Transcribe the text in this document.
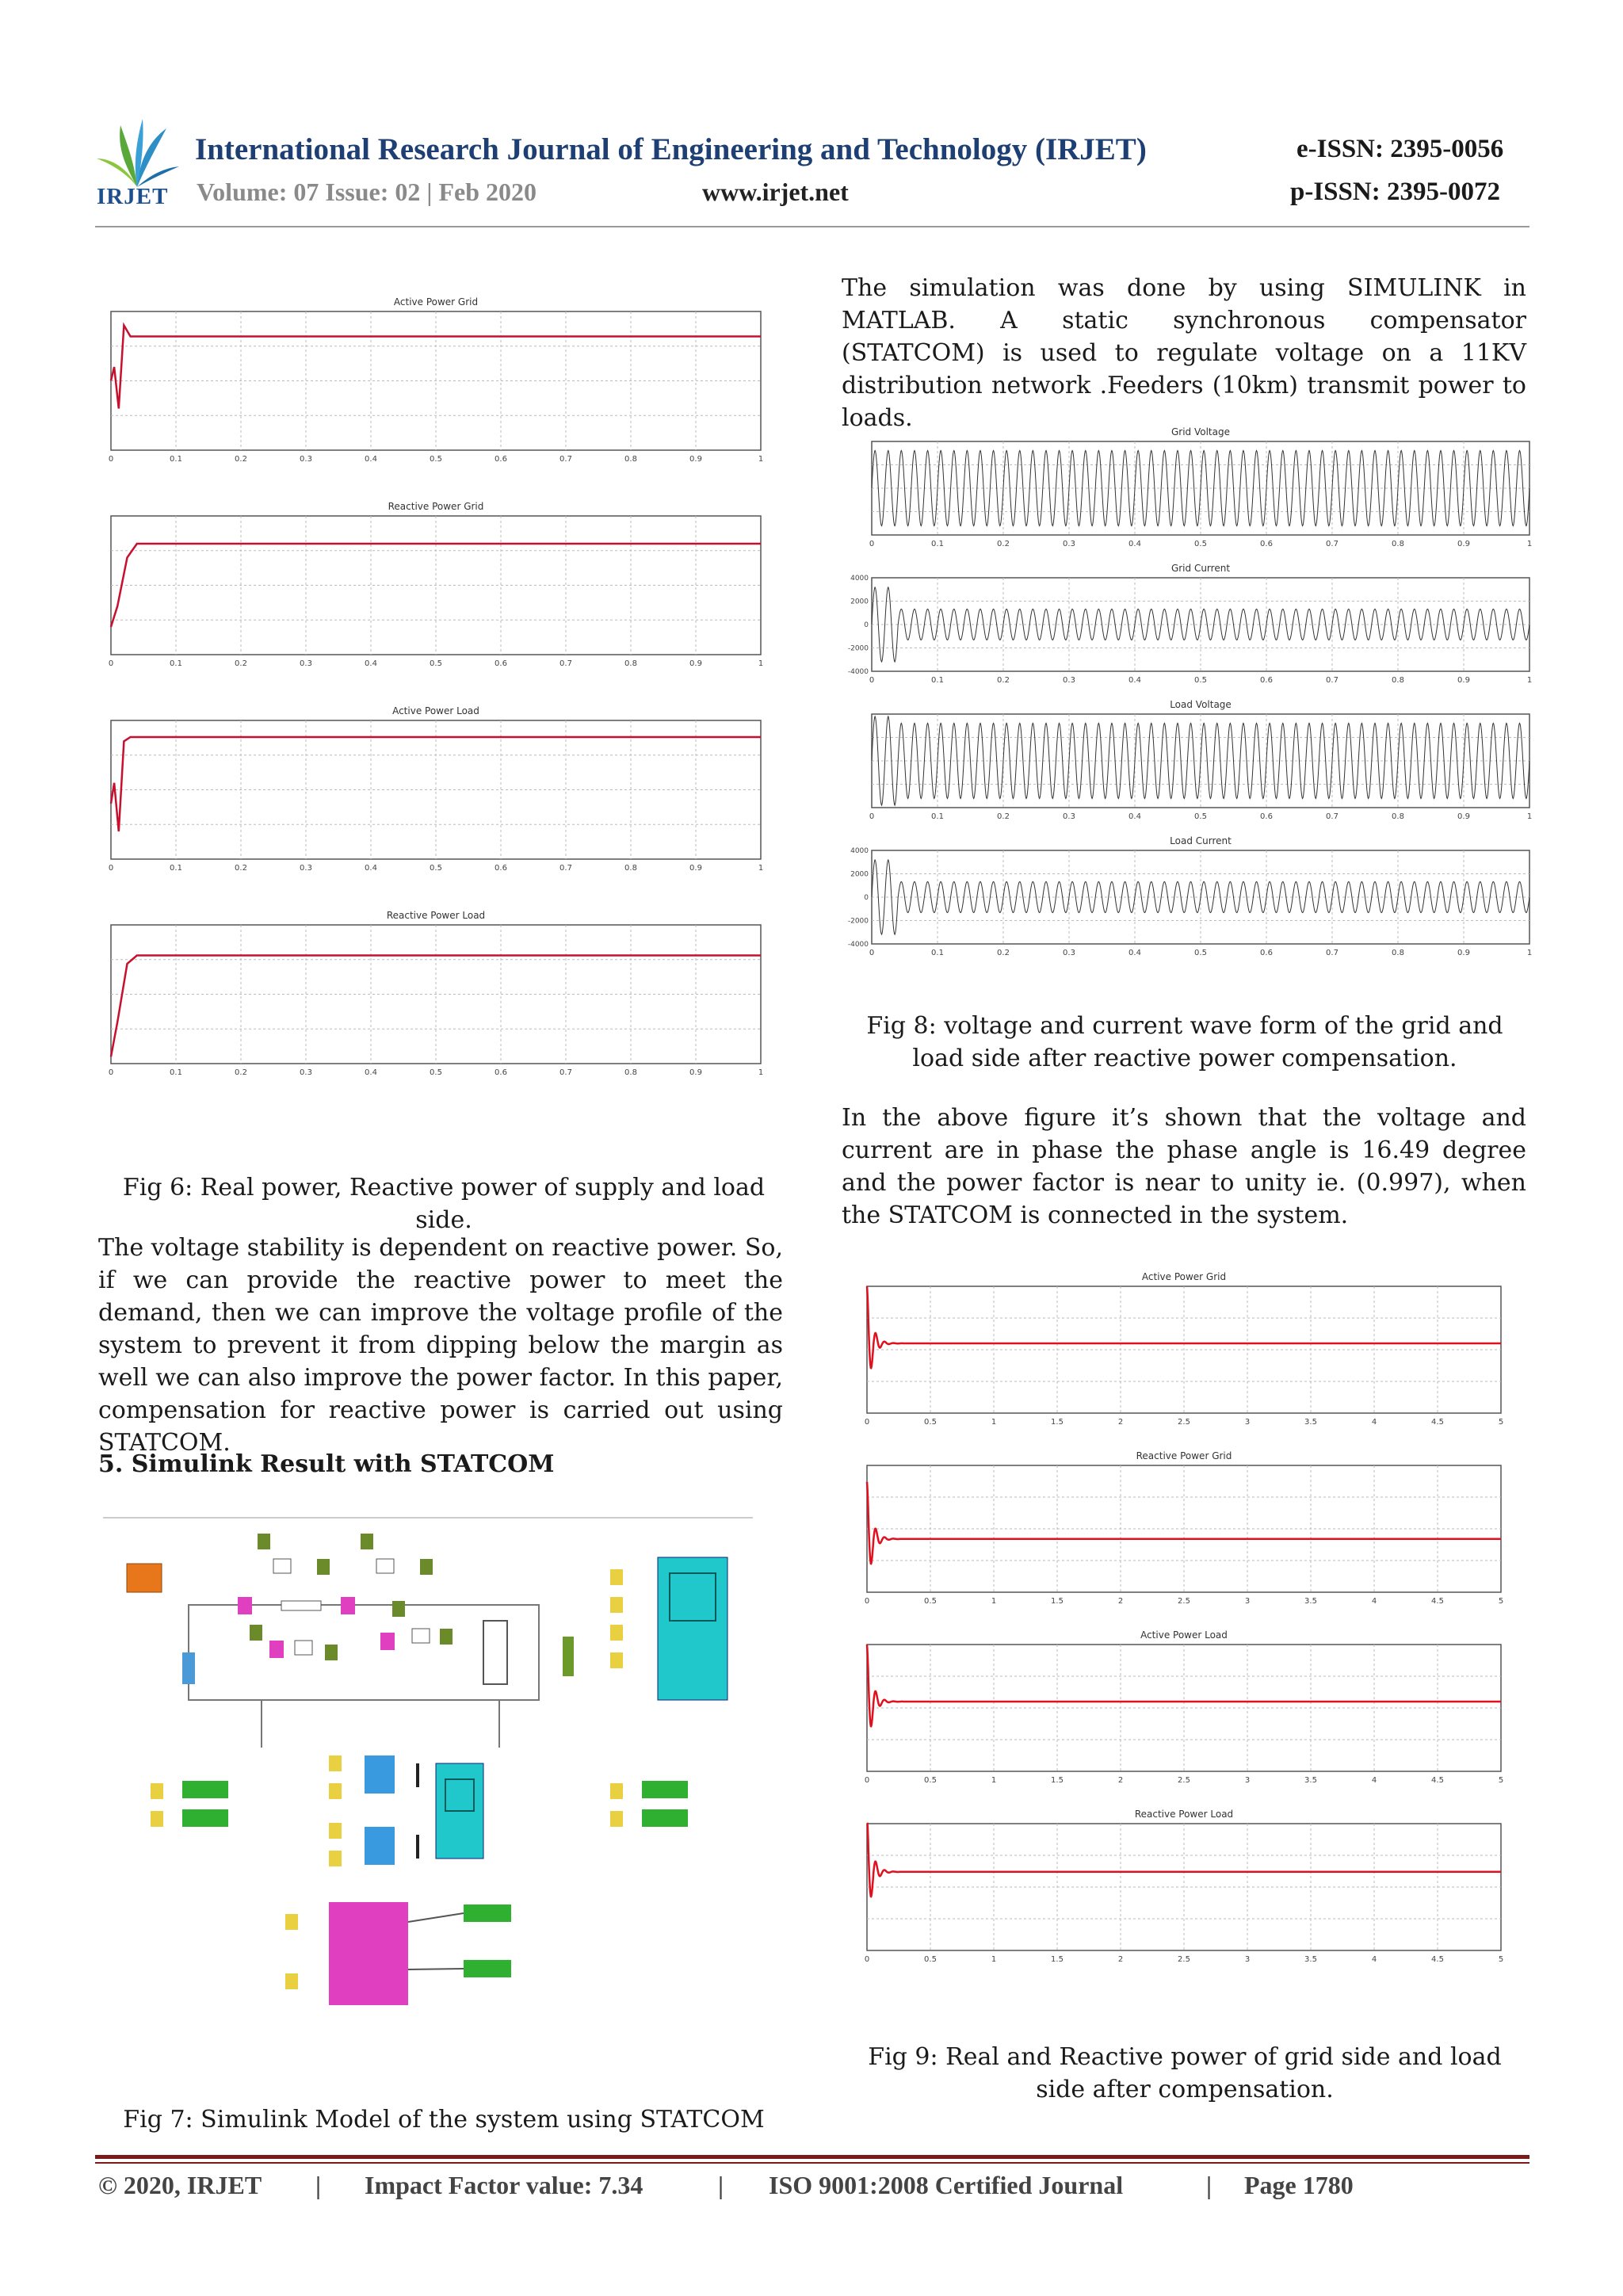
IRJET
International Research Journal of Engineering and Technology (IRJET)	e-ISSN: 2395-0056
Volume: 07 Issue: 02 | Feb 2020	www.irjet.net	p-ISSN: 2395-0072
Active Power Grid
0	0.1	0.2	0.3	0.4	0.5	0.6	0.7	0.8	0.9	1
Reactive Power Grid
0	0.1	0.2	0.3	0.4	0.5	0.6	0.7	0.8	0.9	1
Active Power Load
0	0.1	0.2	0.3	0.4	0.5	0.6	0.7	0.8	0.9	1
Reactive Power Load
0	0.1	0.2	0.3	0.4	0.5	0.6	0.7	0.8	0.9	1
Fig 6: Real power, Reactive power of supply and load side.
The voltage stability is dependent on reactive power. So, if we can provide the reactive power to meet the demand, then we can improve the voltage profile of the system to prevent it from dipping below the margin as well we can also improve the power factor. In this paper, compensation for reactive power is carried out using STATCOM.
5. Simulink Result with STATCOM
Fig 7: Simulink Model of the system using STATCOM
The simulation was done by using SIMULINK in MATLAB. A static synchronous compensator (STATCOM) is used to regulate voltage on a 11KV distribution network .Feeders (10km) transmit power to loads.	Grid Voltage
0	0.1	0.2	0.3	0.4	0.5	0.6	0.7	0.8	0.9	1
Grid Current
0	0.1	0.2	0.3	0.4	0.5	0.6	0.7	0.8	0.9	1
4000
2000
0
-2000
-4000
Load Voltage
0	0.1	0.2	0.3	0.4	0.5	0.6	0.7	0.8	0.9	1
Load Current
0	0.1	0.2	0.3	0.4	0.5	0.6	0.7	0.8	0.9	1
4000
2000
0
-2000
-4000
Fig 8: voltage and current wave form of the grid and load side after reactive power compensation.
In the above figure it’s shown that the voltage and current are in phase the phase angle is 16.49 degree and the power factor is near to unity ie. (0.997), when the STATCOM is connected in the system.
Active Power Grid
0	0.5	1	1.5	2	2.5	3	3.5	4	4.5	5
Reactive Power Grid
0	0.5	1	1.5	2	2.5	3	3.5	4	4.5	5
Active Power Load
0	0.5	1	1.5	2	2.5	3	3.5	4	4.5	5
Reactive Power Load
0	0.5	1	1.5	2	2.5	3	3.5	4	4.5	5
Fig 9: Real and Reactive power of grid side and load side after compensation.
© 2020, IRJET | Impact Factor value: 7.34	| ISO 9001:2008 Certified Journal	| Page 1780
